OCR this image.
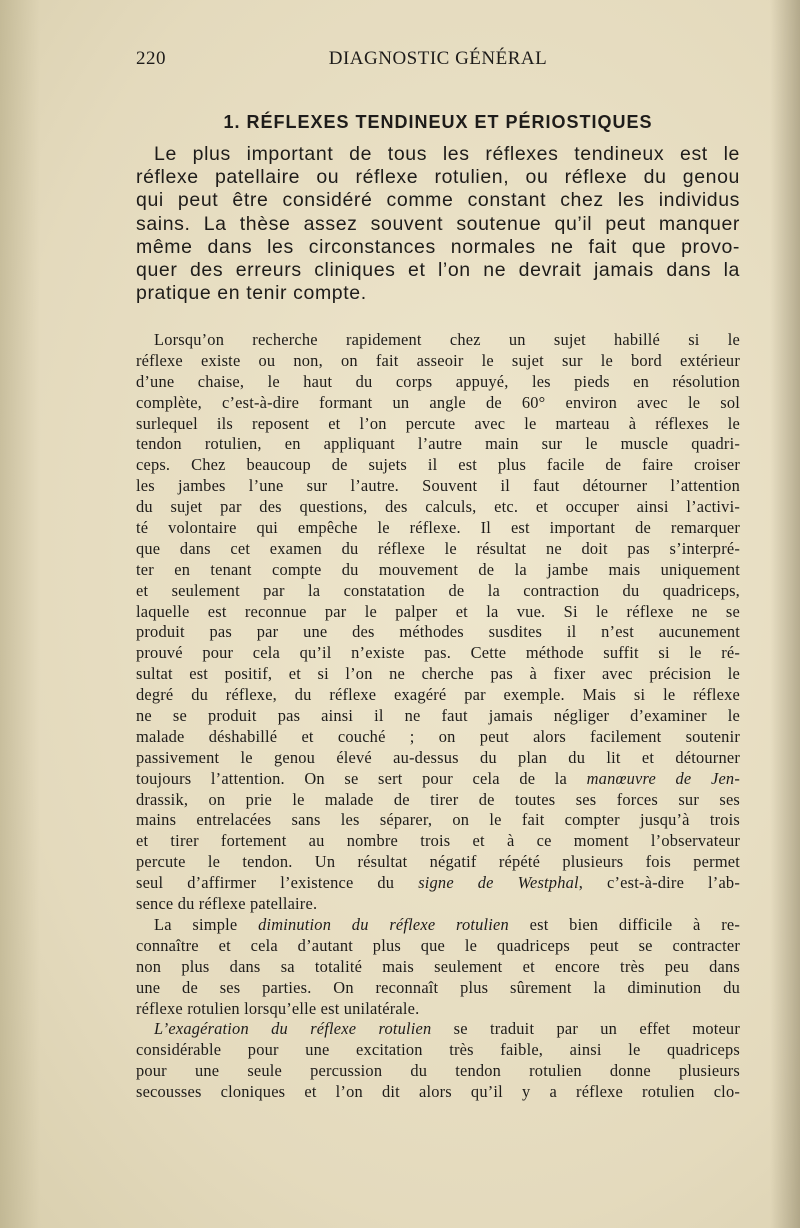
220	DIAGNOSTIC GÉNÉRAL
1. RÉFLEXES TENDINEUX ET PÉRIOSTIQUES
Le plus important de tous les réflexes tendineux est le
réflexe patellaire ou réflexe rotulien, ou réflexe du genou
qui peut être considéré comme constant chez les individus
sains. La thèse assez souvent soutenue qu’il peut manquer
même dans les circonstances normales ne fait que provo-
quer des erreurs cliniques et l’on ne devrait jamais dans la
pratique en tenir compte.
Lorsqu’on recherche rapidement chez un sujet habillé si le
réflexe existe ou non, on fait asseoir le sujet sur le bord extérieur
d’une chaise, le haut du corps appuyé, les pieds en résolution
complète, c’est-à-dire formant un angle de 60° environ avec le sol
surlequel ils reposent et l’on percute avec le marteau à réflexes le
tendon rotulien, en appliquant l’autre main sur le muscle quadri-
ceps. Chez beaucoup de sujets il est plus facile de faire croiser
les jambes l’une sur l’autre. Souvent il faut détourner l’attention
du sujet par des questions, des calculs, etc. et occuper ainsi l’activi-
té volontaire qui empêche le réflexe. Il est important de remarquer
que dans cet examen du réflexe le résultat ne doit pas s’interpré-
ter en tenant compte du mouvement de la jambe mais uniquement
et seulement par la constatation de la contraction du quadriceps,
laquelle est reconnue par le palper et la vue. Si le réflexe ne se
produit pas par une des méthodes susdites il n’est aucunement
prouvé pour cela qu’il n’existe pas. Cette méthode suffit si le ré-
sultat est positif, et si l’on ne cherche pas à fixer avec précision le
degré du réflexe, du réflexe exagéré par exemple. Mais si le réflexe
ne se produit pas ainsi il ne faut jamais négliger d’examiner le
malade déshabillé et couché ; on peut alors facilement soutenir
passivement le genou élevé au-dessus du plan du lit et détourner
toujours l’attention. On se sert pour cela de la manœuvre de Jen-
drassik, on prie le malade de tirer de toutes ses forces sur ses
mains entrelacées sans les séparer, on le fait compter jusqu’à trois
et tirer fortement au nombre trois et à ce moment l’observateur
percute le tendon. Un résultat négatif répété plusieurs fois permet
seul d’affirmer l’existence du signe de Westphal, c’est-à-dire l’ab-
sence du réflexe patellaire.
La simple diminution du réflexe rotulien est bien difficile à re-
connaître et cela d’autant plus que le quadriceps peut se contracter
non plus dans sa totalité mais seulement et encore très peu dans
une de ses parties. On reconnaît plus sûrement la diminution du
réflexe rotulien lorsqu’elle est unilatérale.
L’exagération du réflexe rotulien se traduit par un effet moteur
considérable pour une excitation très faible, ainsi le quadriceps
pour une seule percussion du tendon rotulien donne plusieurs
secousses cloniques et l’on dit alors qu’il y a réflexe rotulien clo-
